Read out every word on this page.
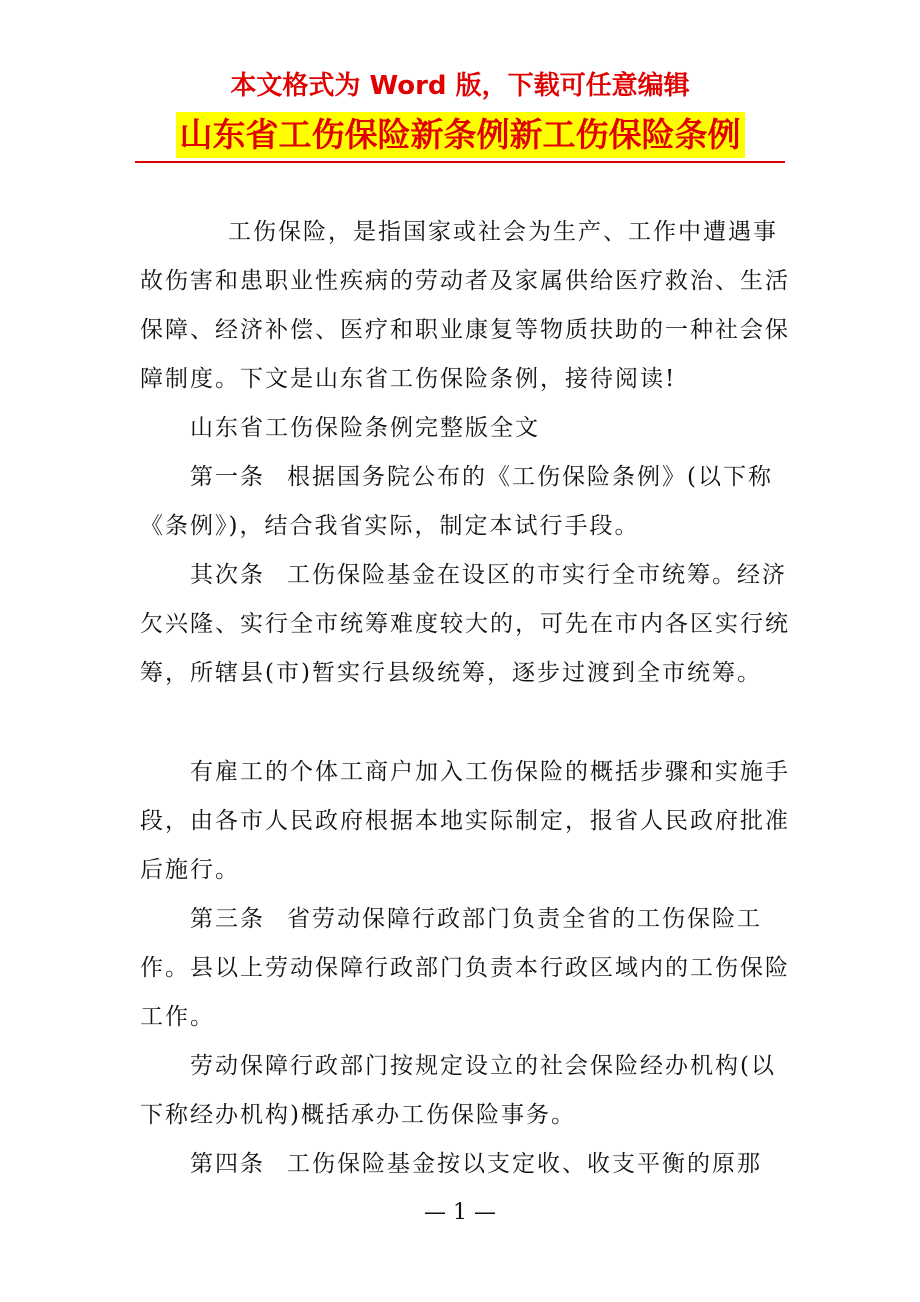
本文格式为 Word 版，下载可任意编辑

山东省工伤保险新条例新工伤保险条例

工伤保险，是指国家或社会为生产、工作中遭遇事故伤害和患职业性疾病的劳动者及家属供给医疗救治、生活保障、经济补偿、医疗和职业康复等物质扶助的一种社会保障制度。下文是山东省工伤保险条例，接待阅读!

山东省工伤保险条例完整版全文

第一条 根据国务院公布的《工伤保险条例》(以下称《条例》)，结合我省实际，制定本试行手段。

其次条 工伤保险基金在设区的市实行全市统筹。经济欠兴隆、实行全市统筹难度较大的，可先在市内各区实行统筹，所辖县(市)暂实行县级统筹，逐步过渡到全市统筹。

有雇工的个体工商户加入工伤保险的概括步骤和实施手段，由各市人民政府根据本地实际制定，报省人民政府批准后施行。

第三条 省劳动保障行政部门负责全省的工伤保险工作。县以上劳动保障行政部门负责本行政区域内的工伤保险工作。

劳动保障行政部门按规定设立的社会保险经办机构(以下称经办机构)概括承办工伤保险事务。

第四条 工伤保险基金按以支定收、收支平衡的原那

— 1 —
